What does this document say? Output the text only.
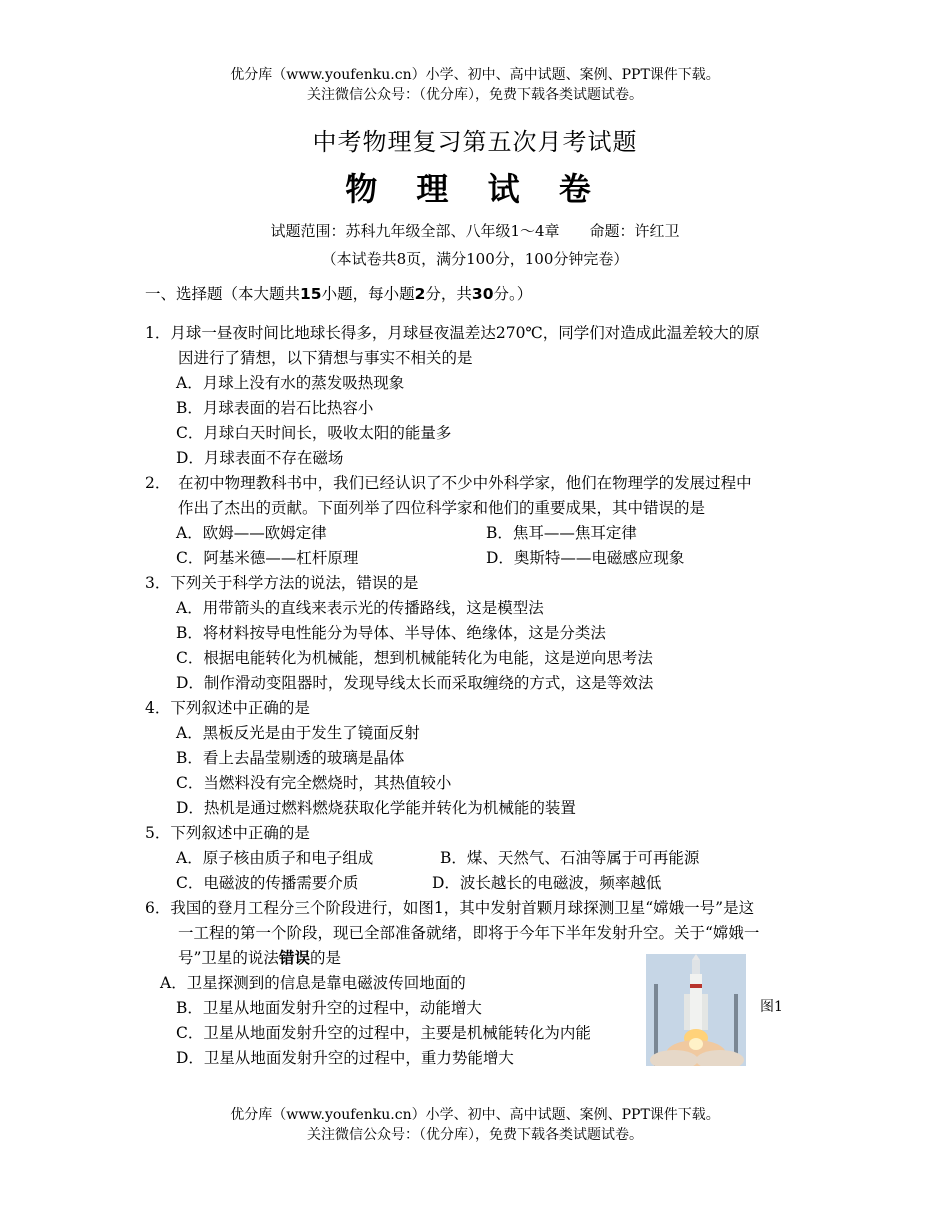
优分库（www.youfenku.cn）小学、初中、高中试题、案例、PPT课件下载。
关注微信公众号：（优分库），免费下载各类试题试卷。
中考物理复习第五次月考试题
物 理 试 卷
试题范围：苏科九年级全部、八年级1～4章　　命题：许红卫
（本试卷共8页，满分100分，100分钟完卷）
一、选择题（本大题共15小题，每小题2分，共30分。）
1．月球一昼夜时间比地球长得多，月球昼夜温差达270℃，同学们对造成此温差较大的原
因进行了猜想，以下猜想与事实不相关的是
A．月球上没有水的蒸发吸热现象
B．月球表面的岩石比热容小
C．月球白天时间长，吸收太阳的能量多
D．月球表面不存在磁场
2．　在初中物理教科书中，我们已经认识了不少中外科学家，他们在物理学的发展过程中
作出了杰出的贡献。下面列举了四位科学家和他们的重要成果，其中错误的是
A．欧姆——欧姆定律	B．焦耳——焦耳定律
C．阿基米德——杠杆原理	D．奥斯特——电磁感应现象
3．下列关于科学方法的说法，错误的是
A．用带箭头的直线来表示光的传播路线，这是模型法
B．将材料按导电性能分为导体、半导体、绝缘体，这是分类法
C．根据电能转化为机械能，想到机械能转化为电能，这是逆向思考法
D．制作滑动变阻器时，发现导线太长而采取缠绕的方式，这是等效法
4．下列叙述中正确的是
A．黑板反光是由于发生了镜面反射
B．看上去晶莹剔透的玻璃是晶体
C．当燃料没有完全燃烧时，其热值较小
D．热机是通过燃料燃烧获取化学能并转化为机械能的装置
5．下列叙述中正确的是
A．原子核由质子和电子组成	B．煤、天然气、石油等属于可再能源
C．电磁波的传播需要介质	D．波长越长的电磁波，频率越低
6．我国的登月工程分三个阶段进行，如图1，其中发射首颗月球探测卫星“嫦娥一号”是这
一工程的第一个阶段，现已全部准备就绪，即将于今年下半年发射升空。关于“嫦娥一
号”卫星的说法错误的是
A．卫星探测到的信息是靠电磁波传回地面的
B．卫星从地面发射升空的过程中，动能增大
C．卫星从地面发射升空的过程中，主要是机械能转化为内能
D．卫星从地面发射升空的过程中，重力势能增大
图1
优分库（www.youfenku.cn）小学、初中、高中试题、案例、PPT课件下载。
关注微信公众号：（优分库），免费下载各类试题试卷。
